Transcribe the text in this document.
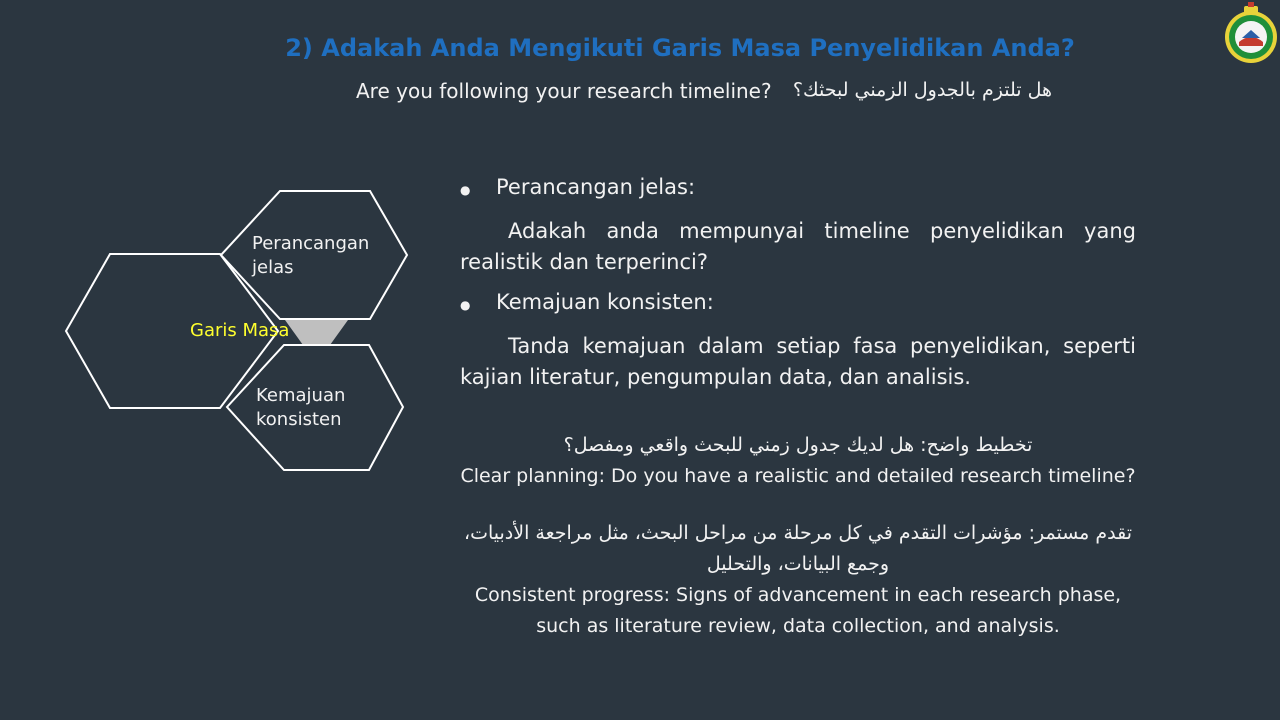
2) Adakah Anda Mengikuti Garis Masa Penyelidikan Anda?
Are you following your research timeline? هل تلتزم بالجدول الزمني لبحثك؟
Garis Masa
Perancangan
jelas
Kemajuan
konsisten
●	Perancangan jelas:

Adakah anda mempunyai timeline penyelidikan yang realistik dan terperinci?

●	Kemajuan konsisten:

Tanda kemajuan dalam setiap fasa penyelidikan, seperti kajian literatur, pengumpulan data, dan analisis.

تخطيط واضح: هل لديك جدول زمني للبحث واقعي ومفصل؟
Clear planning: Do you have a realistic and detailed research timeline?
تقدم مستمر: مؤشرات التقدم في كل مرحلة من مراحل البحث، مثل مراجعة الأدبيات، وجمع البيانات، والتحليل
Consistent progress: Signs of advancement in each research phase,
such as literature review, data collection, and analysis.
